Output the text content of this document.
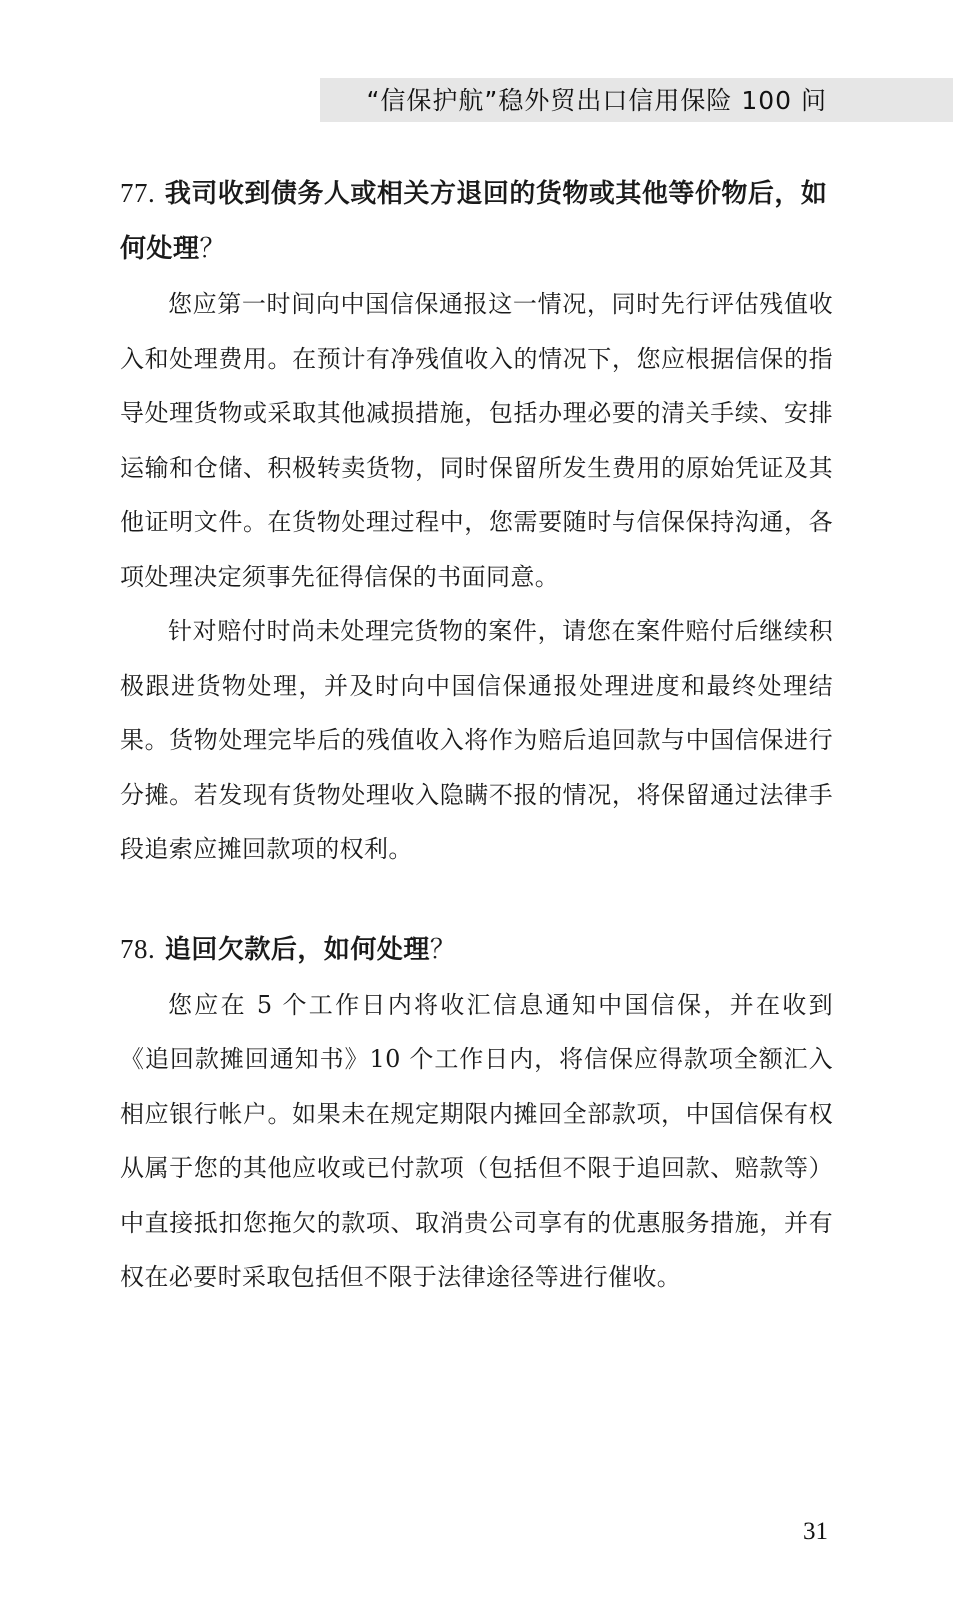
“信保护航”稳外贸出口信用保险 100 问
77. 我司收到债务人或相关方退回的货物或其他等价物后，如何处理？

您应第一时间向中国信保通报这一情况，同时先行评估残值收入和处理费用。在预计有净残值收入的情况下，您应根据信保的指导处理货物或采取其他减损措施，包括办理必要的清关手续、安排运输和仓储、积极转卖货物，同时保留所发生费用的原始凭证及其他证明文件。在货物处理过程中，您需要随时与信保保持沟通，各项处理决定须事先征得信保的书面同意。

针对赔付时尚未处理完货物的案件，请您在案件赔付后继续积极跟进货物处理，并及时向中国信保通报处理进度和最终处理结果。货物处理完毕后的残值收入将作为赔后追回款与中国信保进行分摊。若发现有货物处理收入隐瞒不报的情况，将保留通过法律手段追索应摊回款项的权利。

78. 追回欠款后，如何处理？

您应在 5 个工作日内将收汇信息通知中国信保，并在收到《追回款摊回通知书》10 个工作日内，将信保应得款项全额汇入相应银行帐户。如果未在规定期限内摊回全部款项，中国信保有权从属于您的其他应收或已付款项（包括但不限于追回款、赔款等）中直接抵扣您拖欠的款项、取消贵公司享有的优惠服务措施，并有权在必要时采取包括但不限于法律途径等进行催收。

31
